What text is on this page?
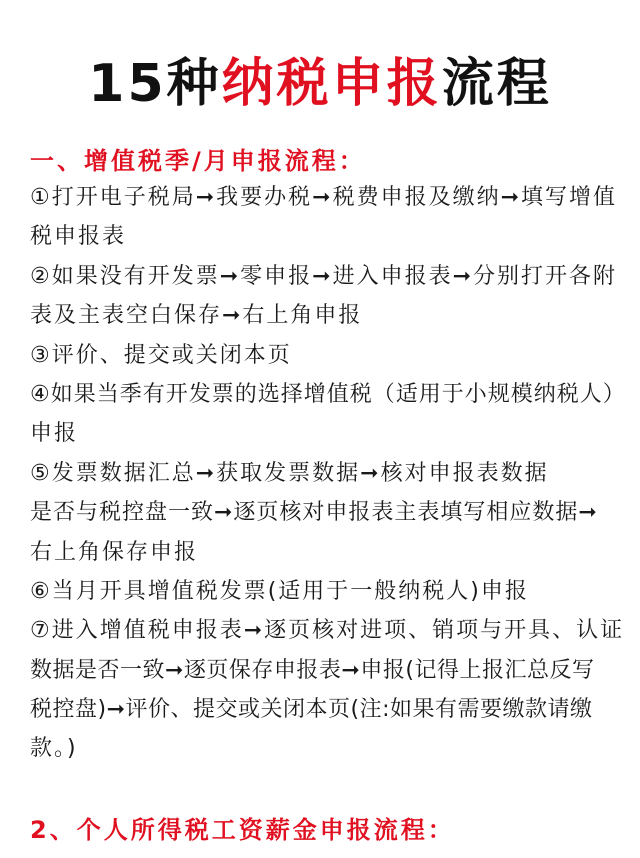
15种纳税申报流程
一、增值税季/月申报流程：
①打开电子税局➞我要办税➞税费申报及缴纳➞填写增值
税申报表
②如果没有开发票➞零申报➞进入申报表➞分别打开各附
表及主表空白保存➞右上角申报
③评价、提交或关闭本页
④如果当季有开发票的选择增值税（适用于小规模纳税人）
申报
⑤发票数据汇总➞获取发票数据➞核对申报表数据
是否与税控盘一致➞逐页核对申报表主表填写相应数据➞
右上角保存申报
⑥当月开具增值税发票(适用于一般纳税人)申报
⑦进入增值税申报表➞逐页核对进项、销项与开具、认证
数据是否一致➞逐页保存申报表➞申报(记得上报汇总反写
税控盘)➞评价、提交或关闭本页(注:如果有需要缴款请缴
款。)
2、个人所得税工资薪金申报流程：
